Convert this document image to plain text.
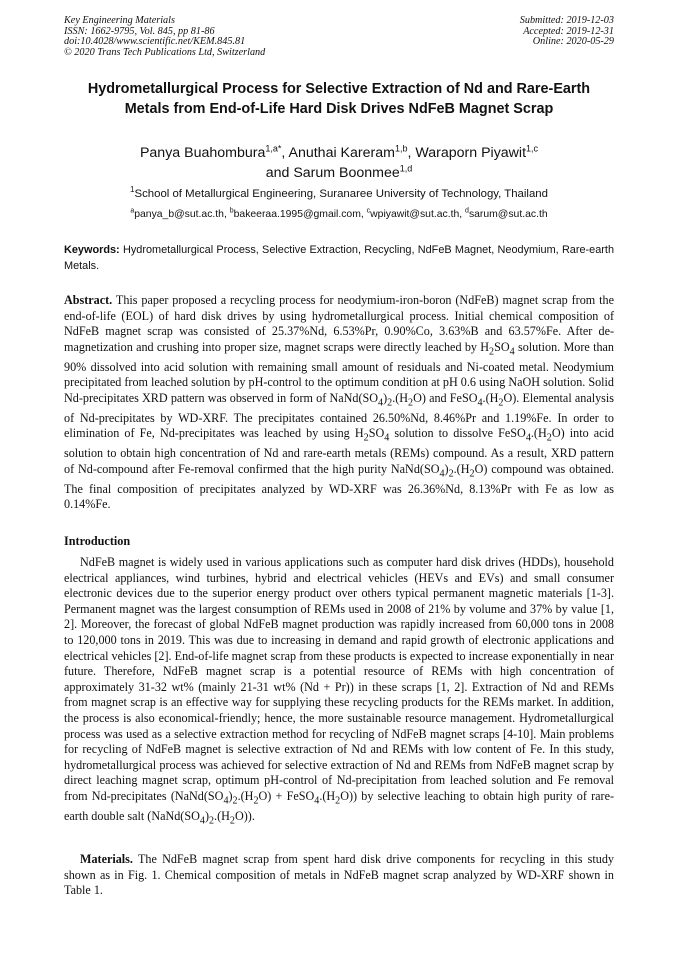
Key Engineering Materials
ISSN: 1662-9795, Vol. 845, pp 81-86
doi:10.4028/www.scientific.net/KEM.845.81
© 2020 Trans Tech Publications Ltd, Switzerland
Submitted: 2019-12-03
Accepted: 2019-12-31
Online: 2020-05-29
Hydrometallurgical Process for Selective Extraction of Nd and Rare-Earth Metals from End-of-Life Hard Disk Drives NdFeB Magnet Scrap
Panya Buahombura$^{1,a*}$, Anuthai Kareram$^{1,b}$, Waraporn Piyawit$^{1,c}$
and Sarum Boonmee$^{1,d}$
$^1$School of Metallurgical Engineering, Suranaree University of Technology, Thailand
$^a$panya_b@sut.ac.th, $^b$bakeeraa.1995@gmail.com, $^c$wpiyawit@sut.ac.th, $^d$sarum@sut.ac.th
Keywords: Hydrometallurgical Process, Selective Extraction, Recycling, NdFeB Magnet, Neodymium, Rare-earth Metals.
Abstract. This paper proposed a recycling process for neodymium-iron-boron (NdFeB) magnet scrap from the end-of-life (EOL) of hard disk drives by using hydrometallurgical process. Initial chemical composition of NdFeB magnet scrap was consisted of 25.37%Nd, 6.53%Pr, 0.90%Co, 3.63%B and 63.57%Fe. After de-magnetization and crushing into proper size, magnet scraps were directly leached by $H_2SO_4$ solution. More than 90% dissolved into acid solution with remaining small amount of residuals and Ni-coated metal. Neodymium precipitated from leached solution by pH-control to the optimum condition at pH 0.6 using NaOH solution. Solid Nd-precipitates XRD pattern was observed in form of $NaNd(SO_4)_2.(H_2O)$ and $FeSO_4.(H_2O)$. Elemental analysis of Nd-precipitates by WD-XRF. The precipitates contained 26.50%Nd, 8.46%Pr and 1.19%Fe. In order to elimination of Fe, Nd-precipitates was leached by using $H_2SO_4$ solution to dissolve $FeSO_4.(H_2O)$ into acid solution to obtain high concentration of Nd and rare-earth metals (REMs) compound. As a result, XRD pattern of Nd-compound after Fe-removal confirmed that the high purity $NaNd(SO_4)_2.(H_2O)$ compound was obtained. The final composition of precipitates analyzed by WD-XRF was 26.36%Nd, 8.13%Pr with Fe as low as 0.14%Fe.
Introduction

NdFeB magnet is widely used in various applications such as computer hard disk drives (HDDs), household electrical appliances, wind turbines, hybrid and electrical vehicles (HEVs and EVs) and small consumer electronic devices due to the superior energy product over others typical permanent magnetic materials [1-3]. Permanent magnet was the largest consumption of REMs used in 2008 of 21% by volume and 37% by value [1, 2]. Moreover, the forecast of global NdFeB magnet production was rapidly increased from 60,000 tons in 2008 to 120,000 tons in 2019. This was due to increasing in demand and rapid growth of electronic applications and electrical vehicles [2]. End-of-life magnet scrap from these products is expected to increase exponentially in near future. Therefore, NdFeB magnet scrap is a potential resource of REMs with high concentration of approximately 31-32 wt% (mainly 21-31 wt% (Nd + Pr)) in these scraps [1, 2]. Extraction of Nd and REMs from magnet scrap is an effective way for supplying these recycling products for the REMs market. In addition, the process is also economical-friendly; hence, the more sustainable resource management. Hydrometallurgical process was used as a selective extraction method for recycling of NdFeB magnet scraps [4-10]. Main problems for recycling of NdFeB magnet is selective extraction of Nd and REMs with low content of Fe. In this study, hydrometallurgical process was achieved for selective extraction of Nd and REMs from NdFeB magnet scrap by direct leaching magnet scrap, optimum pH-control of Nd-precipitation from leached solution and Fe removal from Nd-precipitates ($NaNd(SO_4)_2.(H_2O)$ + $FeSO_4.(H_2O)$) by selective leaching to obtain high purity of rare-earth double salt $(NaNd(SO_4)_2.(H_2O))$.

Materials. The NdFeB magnet scrap from spent hard disk drive components for recycling in this study shown as in Fig. 1. Chemical composition of metals in NdFeB magnet scrap analyzed by WD-XRF shown in Table 1.
